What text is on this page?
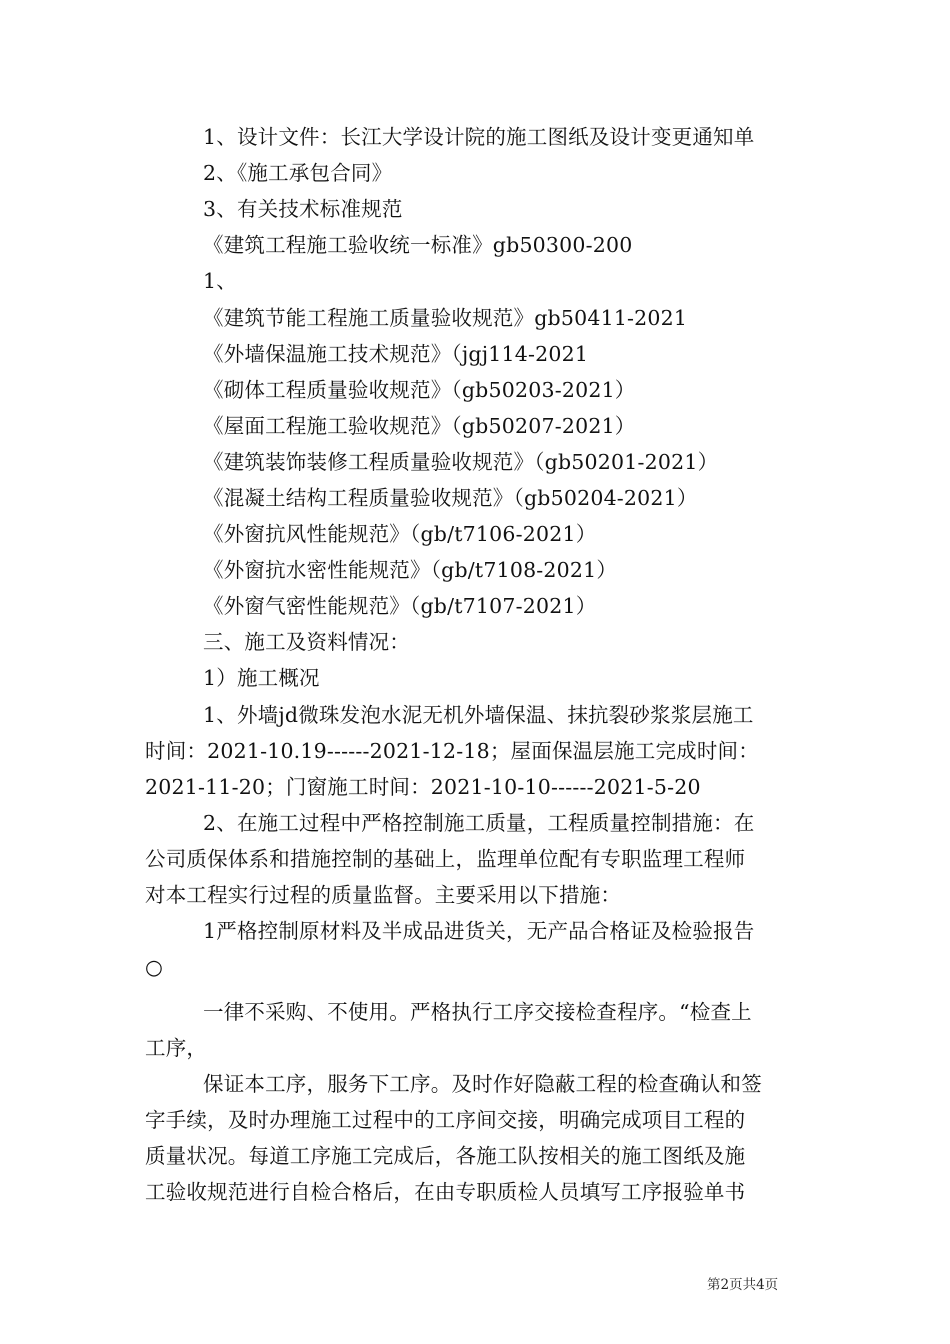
1、设计文件：长江大学设计院的施工图纸及设计变更通知单
2、《施工承包合同》
3、有关技术标准规范
《建筑工程施工验收统一标准》gb50300-200
1、
《建筑节能工程施工质量验收规范》gb50411-2021
《外墙保温施工技术规范》（jgj114-2021
《砌体工程质量验收规范》（gb50203-2021）
《屋面工程施工验收规范》（gb50207-2021）
《建筑装饰装修工程质量验收规范》（gb50201-2021）
《混凝土结构工程质量验收规范》（gb50204-2021）
《外窗抗风性能规范》（gb/t7106-2021）
《外窗抗水密性能规范》（gb/t7108-2021）
《外窗气密性能规范》（gb/t7107-2021）
三、施工及资料情况：
1）施工概况
1、外墙jd微珠发泡水泥无机外墙保温、抹抗裂砂浆浆层施工
时间：2021-10.19------2021-12-18；屋面保温层施工完成时间：
2021-11-20；门窗施工时间：2021-10-10------2021-5-20
2、在施工过程中严格控制施工质量，工程质量控制措施：在
公司质保体系和措施控制的基础上，监理单位配有专职监理工程师
对本工程实行过程的质量监督。主要采用以下措施：
1严格控制原材料及半成品进货关，无产品合格证及检验报告
○
一律不采购、不使用。严格执行工序交接检查程序。“检查上
工序，
保证本工序，服务下工序。及时作好隐蔽工程的检查确认和签
字手续，及时办理施工过程中的工序间交接，明确完成项目工程的
质量状况。每道工序施工完成后，各施工队按相关的施工图纸及施
工验收规范进行自检合格后，在由专职质检人员填写工序报验单书
第2页共4页
